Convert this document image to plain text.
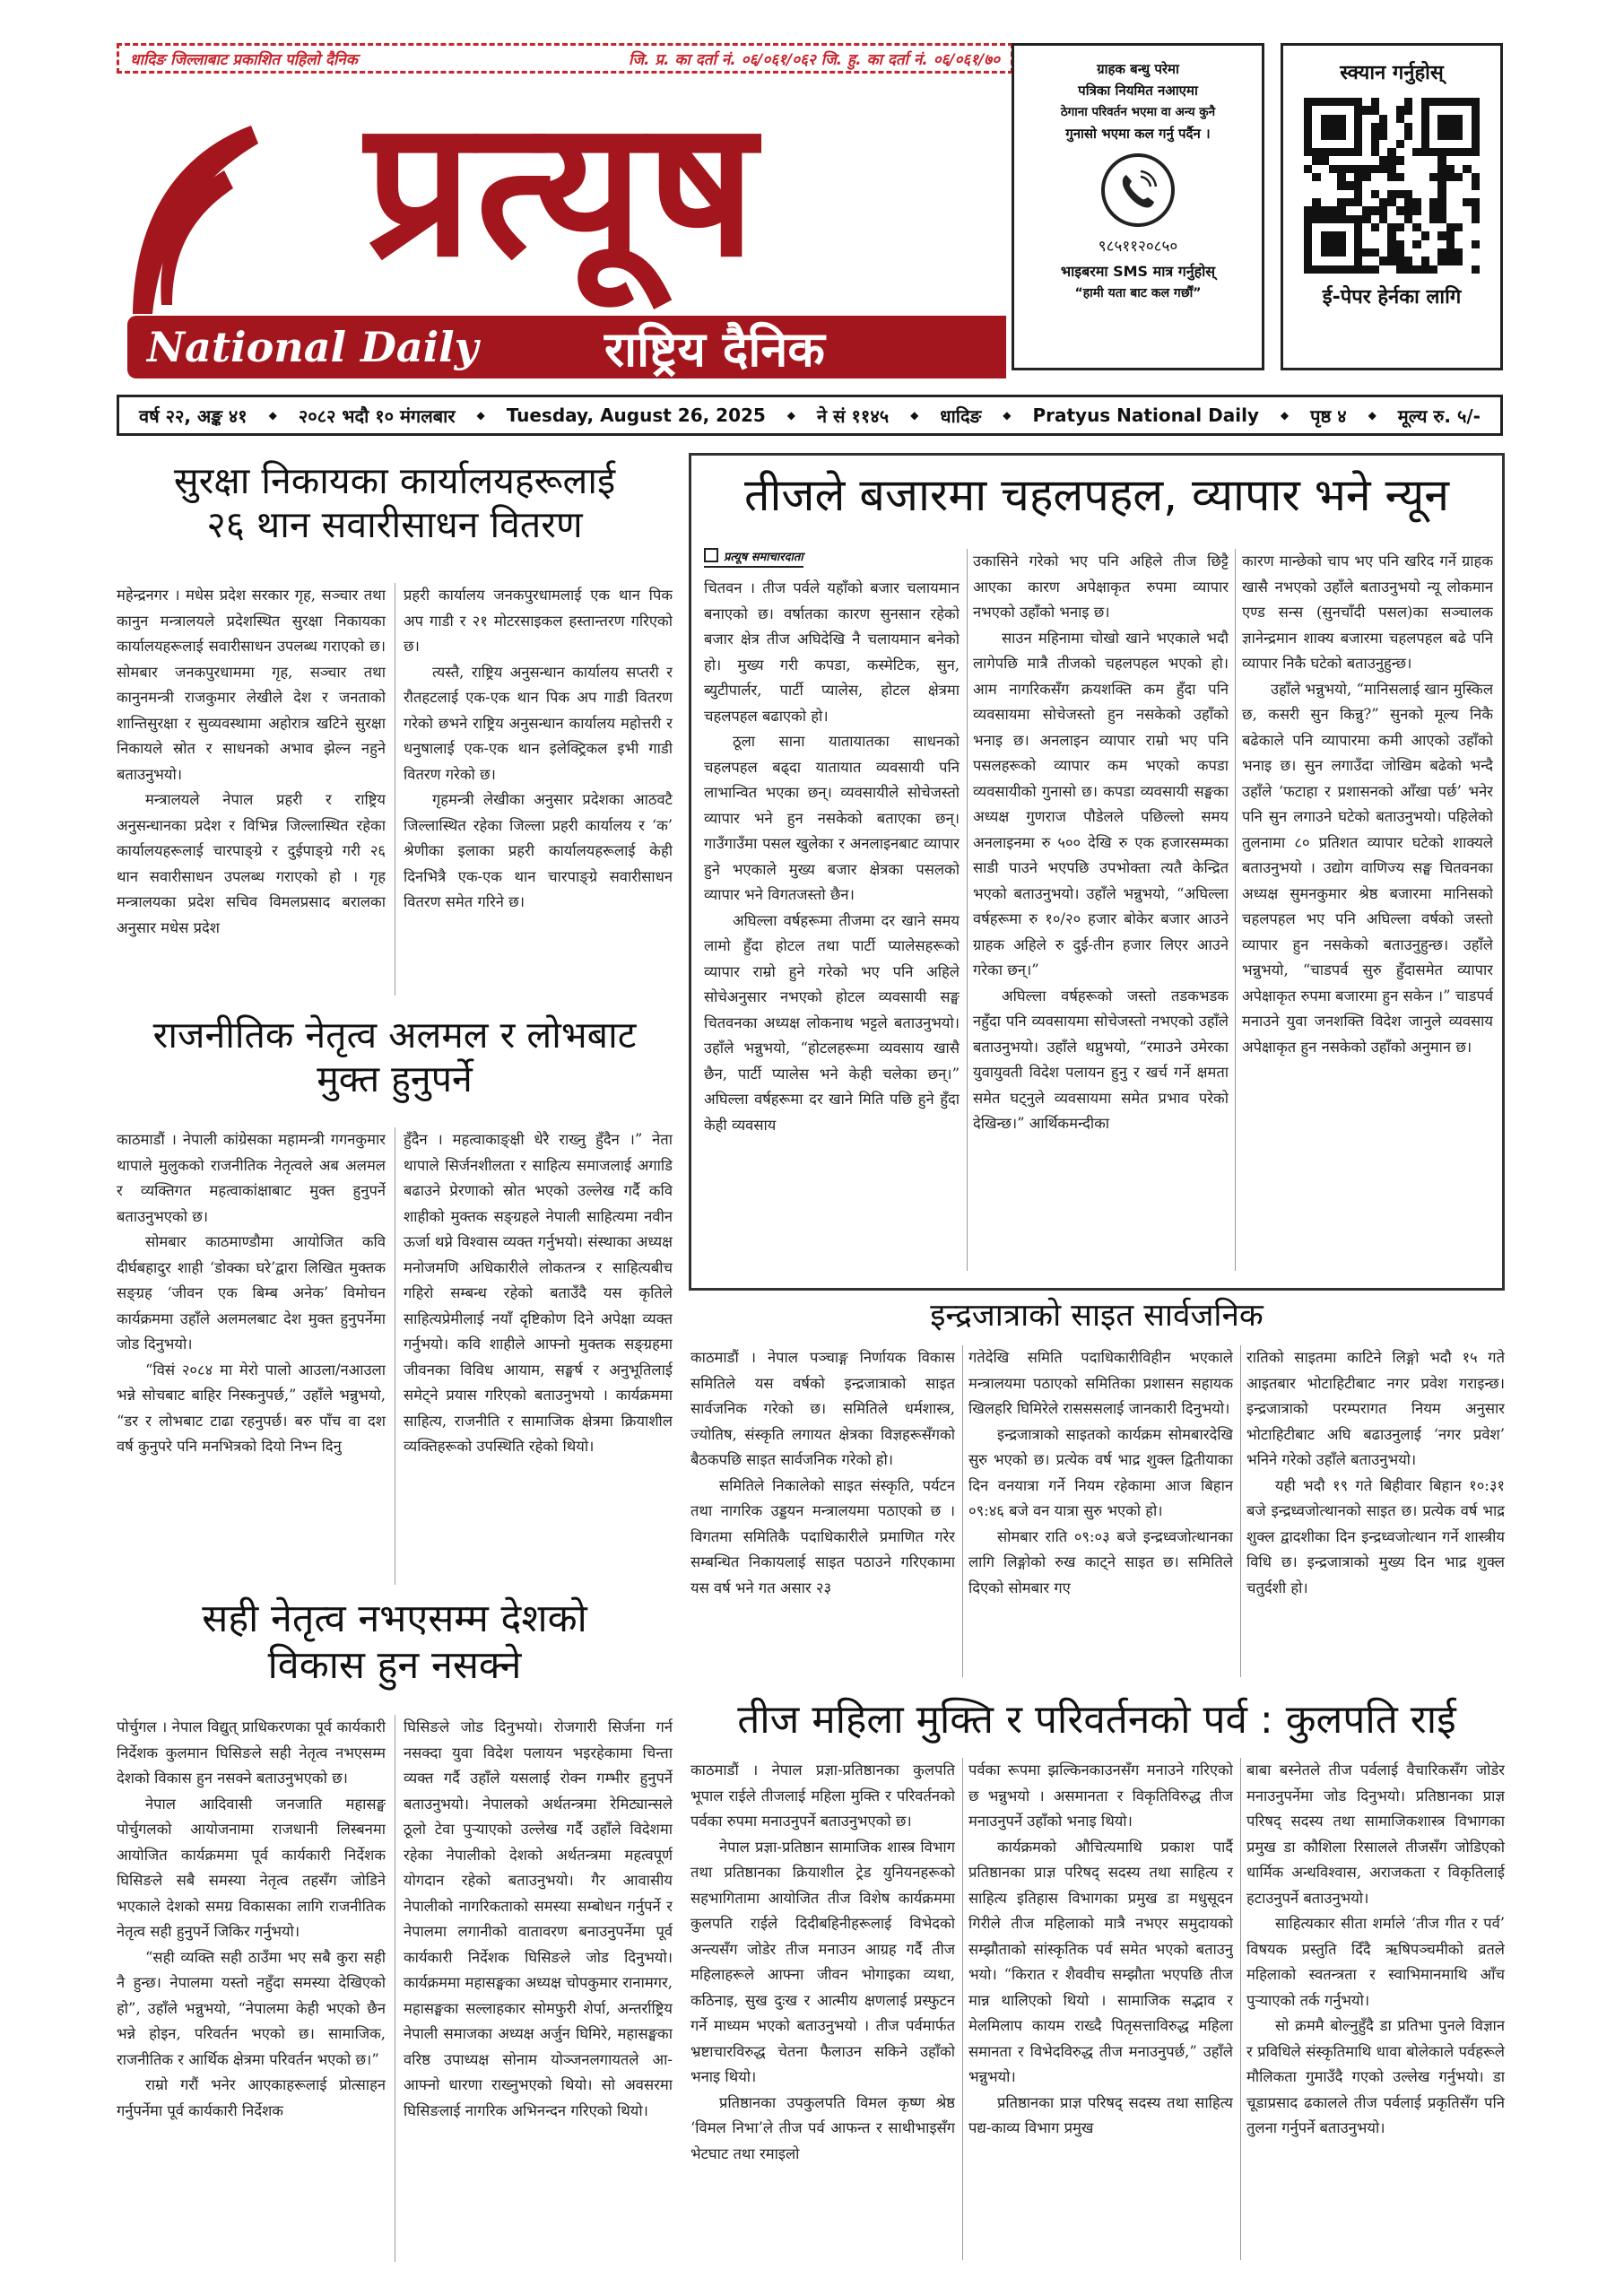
धादिङ जिल्लाबाट प्रकाशित पहिलो दैनिक	जि. प्र. का दर्ता नं. ०६/०६१/०६२ जि. हु. का दर्ता नं. ०६/०६१/७०
प्रत्यूष
National Daily	राष्ट्रिय दैनिक
ग्राहक बन्धु परेमा
पत्रिका नियमित नआएमा
ठेगाना परिवर्तन भएमा वा अन्य कुनै
गुनासो भएमा कल गर्नु पर्दैन ।
९८५११२०८५०
भाइबरमा SMS मात्र गर्नुहोस्
“हामी यता बाट कल गर्छौं”
स्क्यान गर्नुहोस्
ई-पेपर हेर्नका लागि
वर्ष २२, अङ्क ४१ ◆ २०८२ भदौ १० मंगलबार ◆ Tuesday, August 26, 2025 ◆ ने सं ११४५ ◆ धादिङ ◆ Pratyus National Daily ◆ पृष्ठ ४ ◆ मूल्य रु. ५/-
सुरक्षा निकायका कार्यालयहरूलाई
२६ थान सवारीसाधन वितरण

महेन्द्रनगर । मधेस प्रदेश सरकार गृह, सञ्चार तथा कानुन मन्त्रालयले प्रदेशस्थित सुरक्षा निकायका कार्यालयहरूलाई सवारीसाधन उपलब्ध गराएको छ। सोमबार जनकपुरधाममा गृह, सञ्चार तथा कानुनमन्त्री राजकुमार लेखीले देश र जनताको शान्तिसुरक्षा र सुव्यवस्थामा अहोरात्र खटिने सुरक्षा निकायले स्रोत र साधनको अभाव झेल्न नहुने बताउनुभयो।

मन्त्रालयले नेपाल प्रहरी र राष्ट्रिय अनुसन्धानका प्रदेश र विभिन्न जिल्लास्थित रहेका कार्यालयहरूलाई चारपाङ्ग्रे र दुईपाङ्ग्रे गरी २६ थान सवारीसाधन उपलब्ध गराएको हो । गृह मन्त्रालयका प्रदेश सचिव विमलप्रसाद बरालका अनुसार मधेस प्रदेश

प्रहरी कार्यालय जनकपुरधामलाई एक थान पिक अप गाडी र २१ मोटरसाइकल हस्तान्तरण गरिएको छ।

त्यस्तै, राष्ट्रिय अनुसन्धान कार्यालय सप्तरी र रौतहटलाई एक-एक थान पिक अप गाडी वितरण गरेको छभने राष्ट्रिय अनुसन्धान कार्यालय महोत्तरी र धनुषालाई एक-एक थान इलेक्ट्रिकल इभी गाडी वितरण गरेको छ।

गृहमन्त्री लेखीका अनुसार प्रदेशका आठवटै जिल्लास्थित रहेका जिल्ला प्रहरी कार्यालय र ‘क’ श्रेणीका इलाका प्रहरी कार्यालयहरूलाई केही दिनभित्रै एक-एक थान चारपाङ्ग्रे सवारीसाधन वितरण समेत गरिने छ।

राजनीतिक नेतृत्व अलमल र लोभबाट
मुक्त हुनुपर्ने

काठमाडौं । नेपाली कांग्रेसका महामन्त्री गगनकुमार थापाले मुलुकको राजनीतिक नेतृत्वले अब अलमल र व्यक्तिगत महत्वाकांक्षाबाट मुक्त हुनुपर्ने बताउनुभएको छ।

सोमबार काठमाण्डौमा आयोजित कवि दीर्घबहादुर शाही ‘डोक्का घरे’द्वारा लिखित मुक्तक सङ्ग्रह ‘जीवन एक बिम्ब अनेक’ विमोचन कार्यक्रममा उहाँले अलमलबाट देश मुक्त हुनुपर्नेमा जोड दिनुभयो।

“विसं २०८४ मा मेरो पालो आउला/नआउला भन्ने सोचबाट बाहिर निस्कनुपर्छ,” उहाँले भन्नुभयो, “डर र लोभबाट टाढा रहनुपर्छ। बरु पाँच वा दश वर्ष कुनुपरे पनि मनभित्रको दियो निभ्न दिनु

हुँदैन । महत्वाकाङ्क्षी धेरै राख्नु हुँदैन ।” नेता थापाले सिर्जनशीलता र साहित्य समाजलाई अगाडि बढाउने प्रेरणाको स्रोत भएको उल्लेख गर्दै कवि शाहीको मुक्तक सङ्ग्रहले नेपाली साहित्यमा नवीन ऊर्जा थप्ने विश्वास व्यक्त गर्नुभयो। संस्थाका अध्यक्ष मनोजमणि अधिकारीले लोकतन्त्र र साहित्यबीच गहिरो सम्बन्ध रहेको बताउँदै यस कृतिले साहित्यप्रेमीलाई नयाँ दृष्टिकोण दिने अपेक्षा व्यक्त गर्नुभयो। कवि शाहीले आफ्नो मुक्तक सङ्ग्रहमा जीवनका विविध आयाम, सङ्घर्ष र अनुभूतिलाई समेट्ने प्रयास गरिएको बताउनुभयो । कार्यक्रममा साहित्य, राजनीति र सामाजिक क्षेत्रमा क्रियाशील व्यक्तिहरूको उपस्थिति रहेको थियो।

सही नेतृत्व नभएसम्म देशको
विकास हुन नसक्ने

पोर्चुगल । नेपाल विद्युत् प्राधिकरणका पूर्व कार्यकारी निर्देशक कुलमान घिसिङले सही नेतृत्व नभएसम्म देशको विकास हुन नसक्ने बताउनुभएको छ।

नेपाल आदिवासी जनजाति महासङ्घ पोर्चुगलको आयोजनामा राजधानी लिस्बनमा आयोजित कार्यक्रममा पूर्व कार्यकारी निर्देशक घिसिङले सबै समस्या नेतृत्व तहसँग जोडिने भएकाले देशको समग्र विकासका लागि राजनीतिक नेतृत्व सही हुनुपर्ने जिकिर गर्नुभयो।

“सही व्यक्ति सही ठाउँमा भए सबै कुरा सही नै हुन्छ। नेपालमा यस्तो नहुँदा समस्या देखिएको हो”, उहाँले भन्नुभयो, “नेपालमा केही भएको छैन भन्ने होइन, परिवर्तन भएको छ। सामाजिक, राजनीतिक र आर्थिक क्षेत्रमा परिवर्तन भएको छ।”

राम्रो गरौं भनेर आएकाहरूलाई प्रोत्साहन गर्नुपर्नेमा पूर्व कार्यकारी निर्देशक

घिसिङले जोड दिनुभयो। रोजगारी सिर्जना गर्न नसक्दा युवा विदेश पलायन भइरहेकामा चिन्ता व्यक्त गर्दै उहाँले यसलाई रोक्न गम्भीर हुनुपर्ने बताउनुभयो। नेपालको अर्थतन्त्रमा रेमिट्यान्सले ठूलो टेवा पुऱ्याएको उल्लेख गर्दै उहाँले विदेशमा रहेका नेपालीको देशको अर्थतन्त्रमा महत्वपूर्ण योगदान रहेको बताउनुभयो। गैर आवासीय नेपालीको नागरिकताको समस्या सम्बोधन गर्नुपर्ने र नेपालमा लगानीको वातावरण बनाउनुपर्नेमा पूर्व कार्यकारी निर्देशक घिसिङले जोड दिनुभयो। कार्यक्रममा महासङ्घका अध्यक्ष चोपकुमार रानामगर, महासङ्घका सल्लाहकार सोमफुरी शेर्पा, अन्तर्राष्ट्रिय नेपाली समाजका अध्यक्ष अर्जुन घिमिरे, महासङ्घका वरिष्ठ उपाध्यक्ष सोनाम योञ्जनलगायतले आ-आफ्नो धारणा राख्नुभएको थियो। सो अवसरमा घिसिङलाई नागरिक अभिनन्दन गरिएको थियो।

तीजले बजारमा चहलपहल, व्यापार भने न्यून
प्रत्यूष समाचारदाता

चितवन । तीज पर्वले यहाँको बजार चलायमान बनाएको छ। वर्षातका कारण सुनसान रहेको बजार क्षेत्र तीज अघिदेखि नै चलायमान बनेको हो। मुख्य गरी कपडा, कस्मेटिक, सुन, ब्युटीपार्लर, पार्टी प्यालेस, होटल क्षेत्रमा चहलपहल बढाएको हो।

ठूला साना यातायातका साधनको चहलपहल बढ्दा यातायात व्यवसायी पनि लाभान्वित भएका छन्। व्यवसायीले सोचेजस्तो व्यापार भने हुन नसकेको बताएका छन्। गाउँगाउँमा पसल खुलेका र अनलाइनबाट व्यापार हुने भएकाले मुख्य बजार क्षेत्रका पसलको व्यापार भने विगतजस्तो छैन।

अघिल्ला वर्षहरूमा तीजमा दर खाने समय लामो हुँदा होटल तथा पार्टी प्यालेसहरूको व्यापार राम्रो हुने गरेको भए पनि अहिले सोचेअनुसार नभएको होटल व्यवसायी सङ्घ चितवनका अध्यक्ष लोकनाथ भट्टले बताउनुभयो। उहाँले भन्नुभयो, “होटलहरूमा व्यवसाय खासै छैन, पार्टी प्यालेस भने केही चलेका छन्।” अघिल्ला वर्षहरूमा दर खाने मिति पछि हुने हुँदा केही व्यवसाय

उकासिने गरेको भए पनि अहिले तीज छिट्टै आएका कारण अपेक्षाकृत रुपमा व्यापार नभएको उहाँको भनाइ छ।

साउन महिनामा चोखो खाने भएकाले भदौ लागेपछि मात्रै तीजको चहलपहल भएको हो। आम नागरिकसँग क्रयशक्ति कम हुँदा पनि व्यवसायमा सोचेजस्तो हुन नसकेको उहाँको भनाइ छ। अनलाइन व्यापार राम्रो भए पनि पसलहरूको व्यापार कम भएको कपडा व्यवसायीको गुनासो छ। कपडा व्यवसायी सङ्घका अध्यक्ष गुणराज पौडेलले पछिल्लो समय अनलाइनमा रु ५०० देखि रु एक हजारसम्मका साडी पाउने भएपछि उपभोक्ता त्यतै केन्द्रित भएको बताउनुभयो। उहाँले भन्नुभयो, “अघिल्ला वर्षहरूमा रु १०/२० हजार बोकेर बजार आउने ग्राहक अहिले रु दुई-तीन हजार लिएर आउने गरेका छन्।”

अघिल्ला वर्षहरूको जस्तो तडकभडक नहुँदा पनि व्यवसायमा सोचेजस्तो नभएको उहाँले बताउनुभयो। उहाँले थप्नुभयो, “रमाउने उमेरका युवायुवती विदेश पलायन हुनु र खर्च गर्ने क्षमता समेत घट्नुले व्यवसायमा समेत प्रभाव परेको देखिन्छ।” आर्थिकमन्दीका

कारण मान्छेको चाप भए पनि खरिद गर्ने ग्राहक खासै नभएको उहाँले बताउनुभयो न्यू लोकमान एण्ड सन्स (सुनचाँदी पसल)का सञ्चालक ज्ञानेन्द्रमान शाक्य बजारमा चहलपहल बढे पनि व्यापार निकै घटेको बताउनुहुन्छ।

उहाँले भन्नुभयो, “मानिसलाई खान मुस्किल छ, कसरी सुन किन्नु?” सुनको मूल्य निकै बढेकाले पनि व्यापारमा कमी आएको उहाँको भनाइ छ। सुन लगाउँदा जोखिम बढेको भन्दै उहाँले ‘फटाहा र प्रशासनको आँखा पर्छ’ भनेर पनि सुन लगाउने घटेको बताउनुभयो। पहिलेको तुलनामा ८० प्रतिशत व्यापार घटेको शाक्यले बताउनुभयो । उद्योग वाणिज्य सङ्घ चितवनका अध्यक्ष सुमनकुमार श्रेष्ठ बजारमा मानिसको चहलपहल भए पनि अघिल्ला वर्षको जस्तो व्यापार हुन नसकेको बताउनुहुन्छ। उहाँले भन्नुभयो, “चाडपर्व सुरु हुँदासमेत व्यापार अपेक्षाकृत रुपमा बजारमा हुन सकेन ।” चाडपर्व मनाउने युवा जनशक्ति विदेश जानुले व्यवसाय अपेक्षाकृत हुन नसकेको उहाँको अनुमान छ।

इन्द्रजात्राको साइत सार्वजनिक

काठमाडौं । नेपाल पञ्चाङ्ग निर्णायक विकास समितिले यस वर्षको इन्द्रजात्राको साइत सार्वजनिक गरेको छ। समितिले धर्मशास्त्र, ज्योतिष, संस्कृति लगायत क्षेत्रका विज्ञहरूसँगको बैठकपछि साइत सार्वजनिक गरेको हो।

समितिले निकालेको साइत संस्कृति, पर्यटन तथा नागरिक उड्डयन मन्त्रालयमा पठाएको छ । विगतमा समितिकै पदाधिकारीले प्रमाणित गरेर सम्बन्धित निकायलाई साइत पठाउने गरिएकामा यस वर्ष भने गत असार २३

गतेदेखि समिति पदाधिकारीविहीन भएकाले मन्त्रालयमा पठाएको समितिका प्रशासन सहायक खिलहरि घिमिरेले रासससलाई जानकारी दिनुभयो।

इन्द्रजात्राको साइतको कार्यक्रम सोमबारदेखि सुरु भएको छ। प्रत्येक वर्ष भाद्र शुक्ल द्वितीयाका दिन वनयात्रा गर्ने नियम रहेकामा आज बिहान ०९:४६ बजे वन यात्रा सुरु भएको हो।

सोमबार राति ०९:०३ बजे इन्द्रध्वजोत्थानका लागि लिङ्गोको रुख काट्ने साइत छ। समितिले दिएको सोमबार गए

रातिको साइतमा काटिने लिङ्गो भदौ १५ गते आइतबार भोटाहिटीबाट नगर प्रवेश गराइन्छ। इन्द्रजात्राको परम्परागत नियम अनुसार भोटाहिटीबाट अघि बढाउनुलाई ‘नगर प्रवेश’ भनिने गरेको उहाँले बताउनुभयो।

यही भदौ १९ गते बिहीवार बिहान १०:३१ बजे इन्द्रध्वजोत्थानको साइत छ। प्रत्येक वर्ष भाद्र शुक्ल द्वादशीका दिन इन्द्रध्वजोत्थान गर्ने शास्त्रीय विधि छ। इन्द्रजात्राको मुख्य दिन भाद्र शुक्ल चतुर्दशी हो।

तीज महिला मुक्ति र परिवर्तनको पर्व : कुलपति राई

काठमाडौं । नेपाल प्रज्ञा-प्रतिष्ठानका कुलपति भूपाल राईले तीजलाई महिला मुक्ति र परिवर्तनको पर्वका रुपमा मनाउनुपर्ने बताउनुभएको छ।

नेपाल प्रज्ञा-प्रतिष्ठान सामाजिक शास्त्र विभाग तथा प्रतिष्ठानका क्रियाशील ट्रेड युनियनहरूको सहभागितामा आयोजित तीज विशेष कार्यक्रममा कुलपति राईले दिदीबहिनीहरूलाई विभेदको अन्त्यसँग जोडेर तीज मनाउन आग्रह गर्दै तीज महिलाहरूले आफ्ना जीवन भोगाइका व्यथा, कठिनाइ, सुख दुःख र आत्मीय क्षणलाई प्रस्फुटन गर्ने माध्यम भएको बताउनुभयो । तीज पर्वमार्फत भ्रष्टाचारविरुद्ध चेतना फैलाउन सकिने उहाँको भनाइ थियो।

प्रतिष्ठानका उपकुलपति विमल कृष्ण श्रेष्ठ ‘विमल निभा’ले तीज पर्व आफन्त र साथीभाइसँग भेटघाट तथा रमाइलो

पर्वका रूपमा झल्किनकाउनसँग मनाउने गरिएको छ भन्नुभयो । असमानता र विकृतिविरुद्ध तीज मनाउनुपर्ने उहाँको भनाइ थियो।

कार्यक्रमको औचित्यमाथि प्रकाश पार्दै प्रतिष्ठानका प्राज्ञ परिषद् सदस्य तथा साहित्य र साहित्य इतिहास विभागका प्रमुख डा मधुसूदन गिरीले तीज महिलाको मात्रै नभएर समुदायको सम्झौताको सांस्कृतिक पर्व समेत भएको बताउनु भयो। “किरात र शैववीच सम्झौता भएपछि तीज मान्न थालिएको थियो । सामाजिक सद्भाव र मेलमिलाप कायम राख्दै पितृसत्ताविरुद्ध महिला समानता र विभेदविरुद्ध तीज मनाउनुपर्छ,” उहाँले भन्नुभयो।

प्रतिष्ठानका प्राज्ञ परिषद् सदस्य तथा साहित्य पद्य-काव्य विभाग प्रमुख

बाबा बस्नेतले तीज पर्वलाई वैचारिकसँग जोडेर मनाउनुपर्नेमा जोड दिनुभयो। प्रतिष्ठानका प्राज्ञ परिषद् सदस्य तथा सामाजिकशास्त्र विभागका प्रमुख डा कौशिला रिसालले तीजसँग जोडिएको धार्मिक अन्धविश्वास, अराजकता र विकृतिलाई हटाउनुपर्ने बताउनुभयो।

साहित्यकार सीता शर्माले ‘तीज गीत र पर्व’ विषयक प्रस्तुति दिँदै ऋषिपञ्चमीको व्रतले महिलाको स्वतन्त्रता र स्वाभिमानमाथि आँच पुऱ्याएको तर्क गर्नुभयो।

सो क्रममै बोल्नुहुँदै डा प्रतिभा पुनले विज्ञान र प्रविधिले संस्कृतिमाथि धावा बोलेकाले पर्वहरूले मौलिकता गुमाउँदै गएको उल्लेख गर्नुभयो। डा चूडाप्रसाद ढकालले तीज पर्वलाई प्रकृतिसँग पनि तुलना गर्नुपर्ने बताउनुभयो।
